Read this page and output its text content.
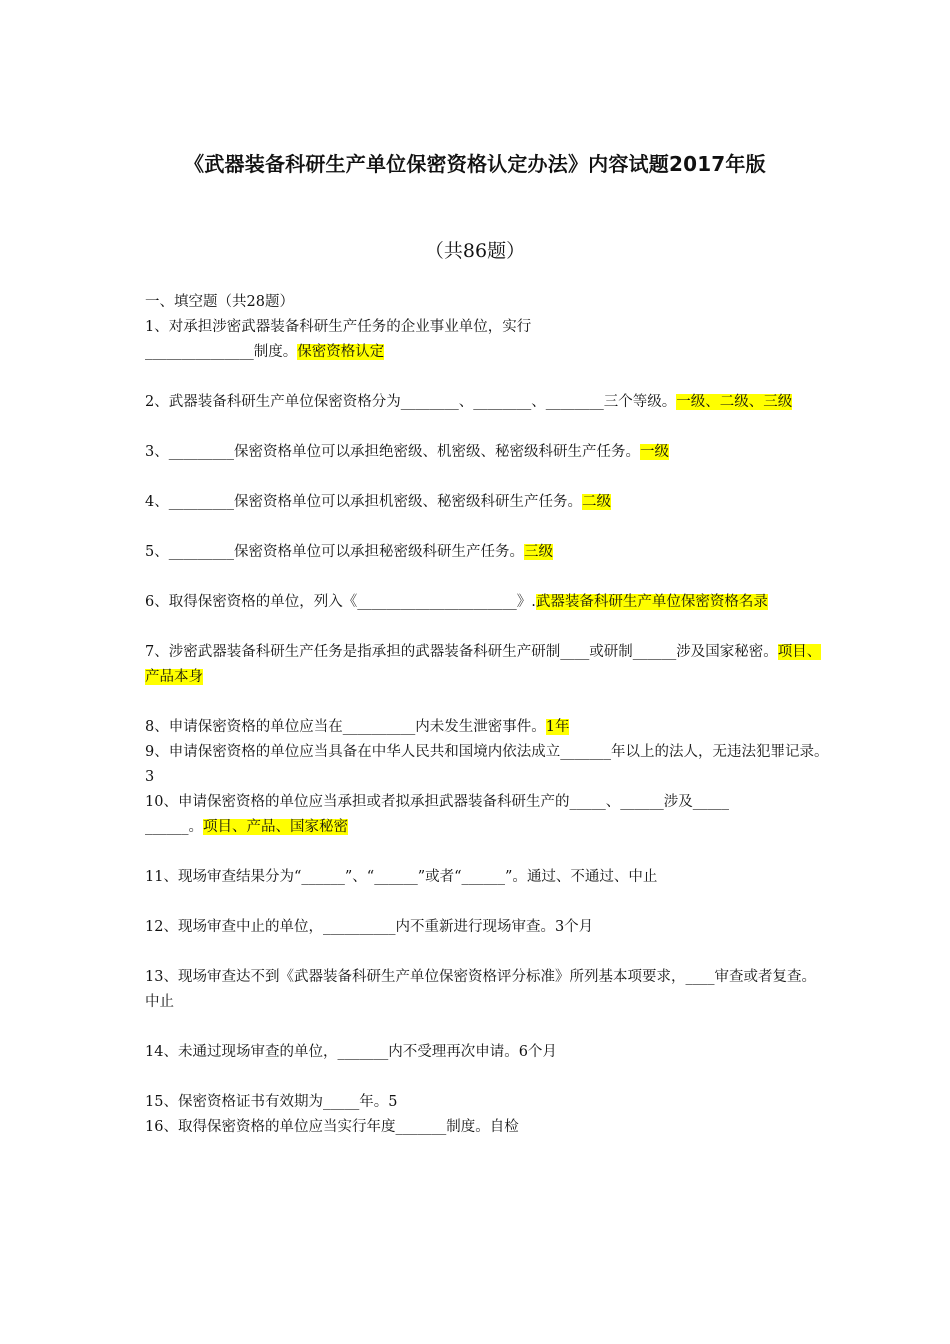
《武器装备科研生产单位保密资格认定办法》内容试题2017年版
（共86题）

一、填空题（共28题）

1、对承担涉密武器装备科研生产任务的企业事业单位，实行
_______________制度。保密资格认定

2、武器装备科研生产单位保密资格分为________、________、________三个等级。一级、二级、三级

3、_________保密资格单位可以承担绝密级、机密级、秘密级科研生产任务。一级

4、_________保密资格单位可以承担机密级、秘密级科研生产任务。二级

5、_________保密资格单位可以承担秘密级科研生产任务。三级

6、取得保密资格的单位，列入《______________________》.武器装备科研生产单位保密资格名录

7、涉密武器装备科研生产任务是指承担的武器装备科研生产研制____或研制______涉及国家秘密。项目、产品本身

8、申请保密资格的单位应当在__________内未发生泄密事件。1年

9、申请保密资格的单位应当具备在中华人民共和国境内依法成立_______年以上的法人，无违法犯罪记录。3

10、申请保密资格的单位应当承担或者拟承担武器装备科研生产的_____、______涉及_____
______。项目、产品、国家秘密

11、现场审查结果分为“______”、“______”或者“______”。通过、不通过、中止

12、现场审查中止的单位，__________内不重新进行现场审查。3个月

13、现场审查达不到《武器装备科研生产单位保密资格评分标准》所列基本项要求，____审查或者复查。中止

14、未通过现场审查的单位，_______内不受理再次申请。6个月

15、保密资格证书有效期为_____年。5

16、取得保密资格的单位应当实行年度_______制度。自检
